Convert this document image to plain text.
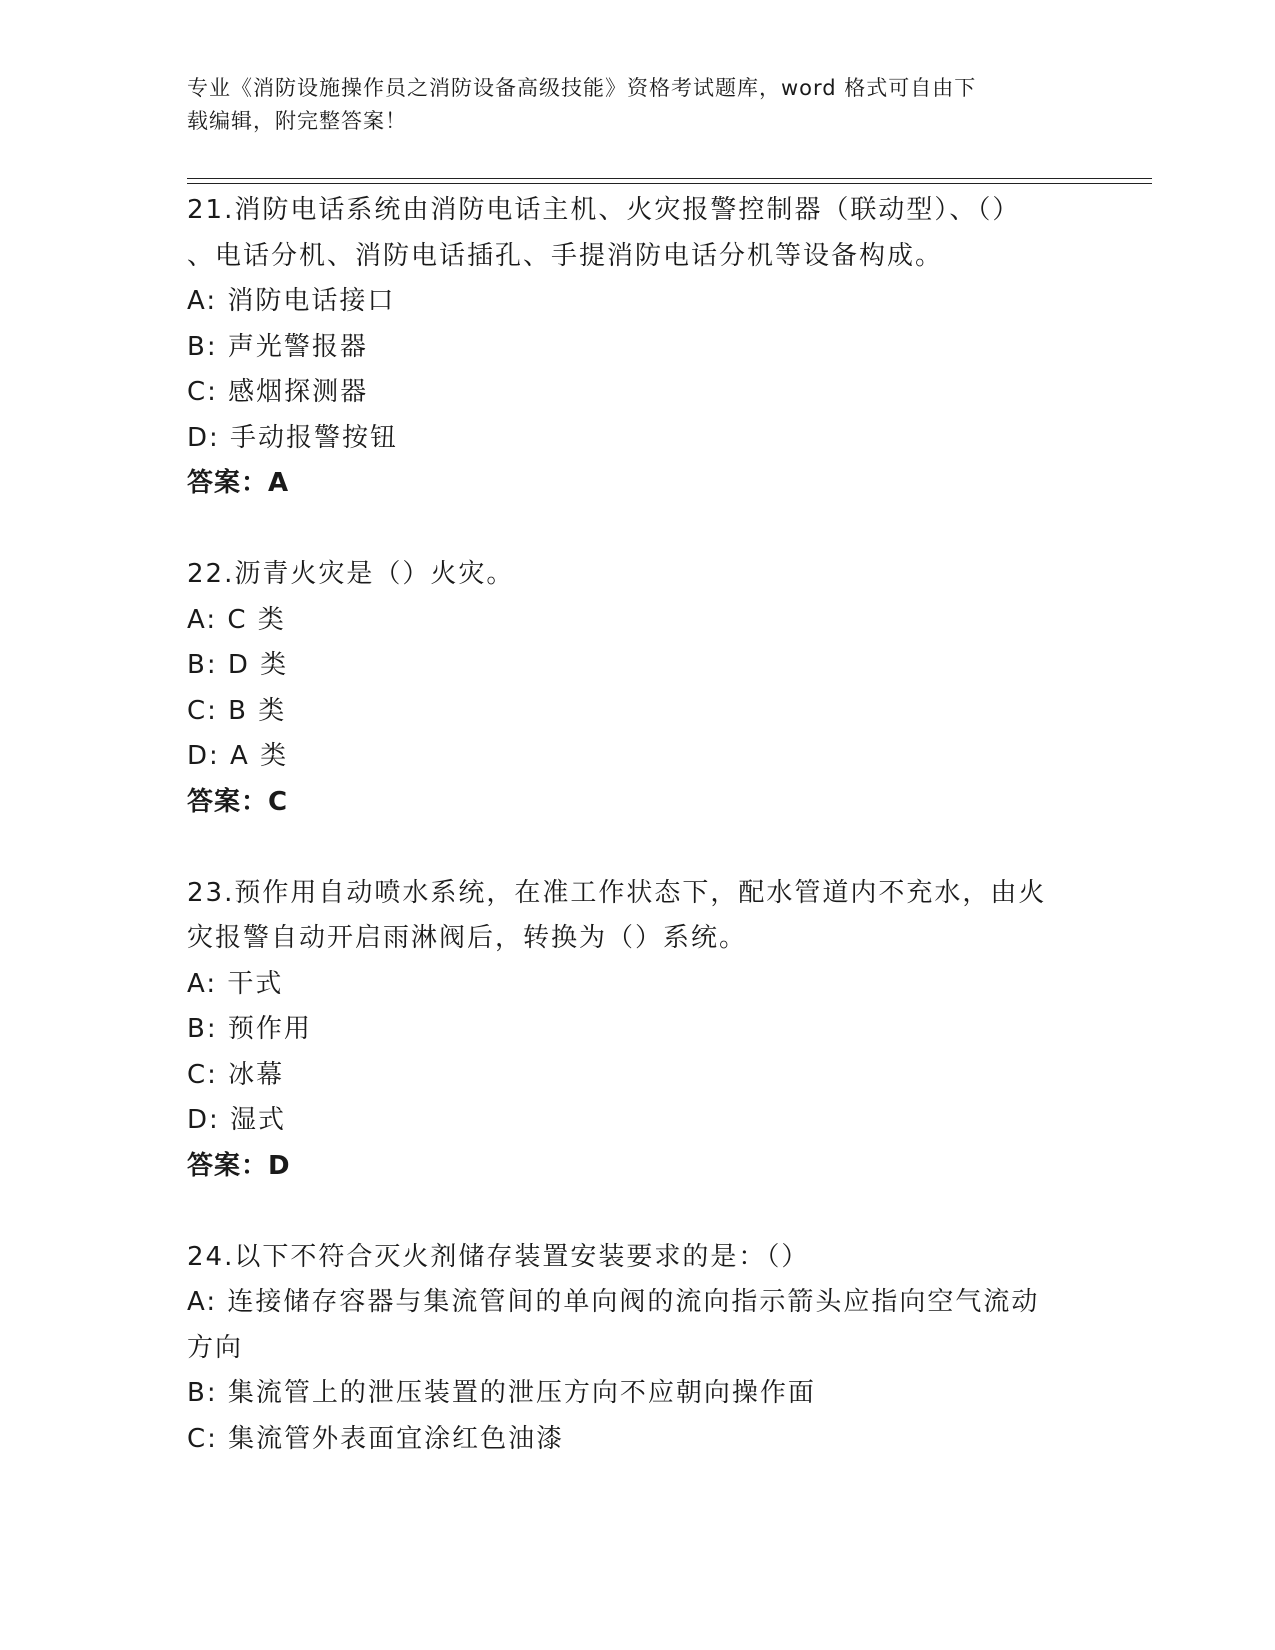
专业《消防设施操作员之消防设备高级技能》资格考试题库，word 格式可自由下
载编辑，附完整答案！

21.消防电话系统由消防电话主机、火灾报警控制器（联动型）、（）

、电话分机、消防电话插孔、手提消防电话分机等设备构成。

A: 消防电话接口

B: 声光警报器

C: 感烟探测器

D: 手动报警按钮

答案：A

22.沥青火灾是（）火灾。

A: C 类

B: D 类

C: B 类

D: A 类

答案：C

23.预作用自动喷水系统，在准工作状态下，配水管道内不充水，由火

灾报警自动开启雨淋阀后，转换为（）系统。

A: 干式

B: 预作用

C: 冰幕

D: 湿式

答案：D

24.以下不符合灭火剂储存装置安装要求的是：（）

A: 连接储存容器与集流管间的单向阀的流向指示箭头应指向空气流动

方向

B: 集流管上的泄压装置的泄压方向不应朝向操作面

C: 集流管外表面宜涂红色油漆
